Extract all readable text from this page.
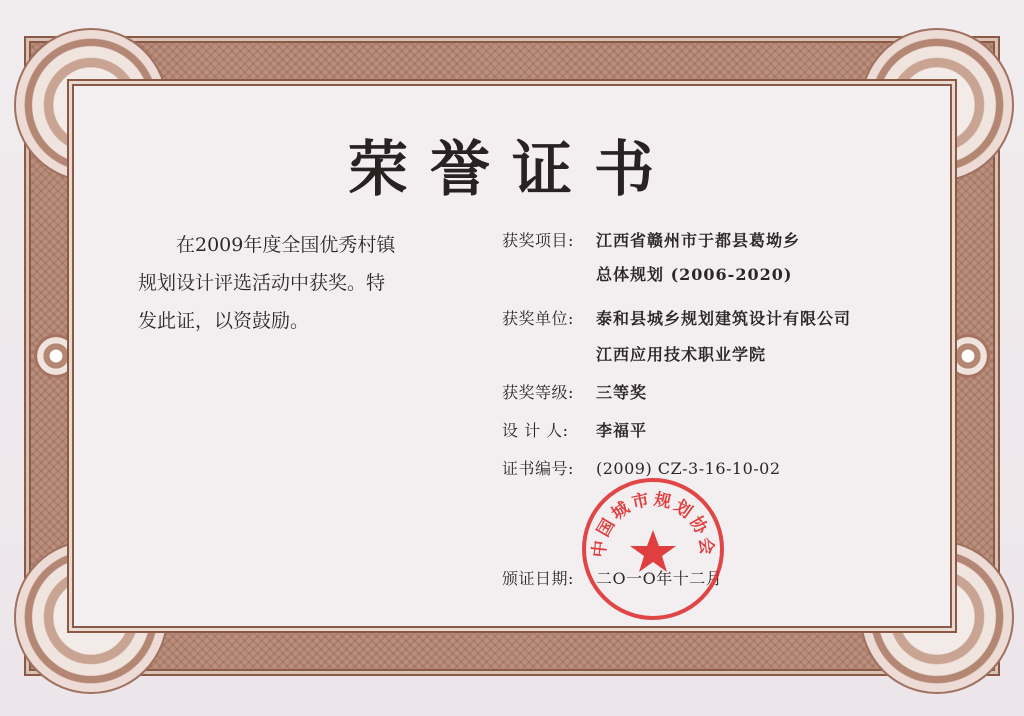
荣誉证书
在2009年度全国优秀村镇
规划设计评选活动中获奖。特
发此证，以资鼓励。
获奖项目: 江西省赣州市于都县葛坳乡
总体规划 (2006-2020)
获奖单位: 泰和县城乡规划建筑设计有限公司
江西应用技术职业学院
获奖等级: 三等奖
设 计 人: 李福平
证书编号: (2009) CZ-3-16-10-02
颁证日期: 二O一O年十二月
中国城市规划协会
